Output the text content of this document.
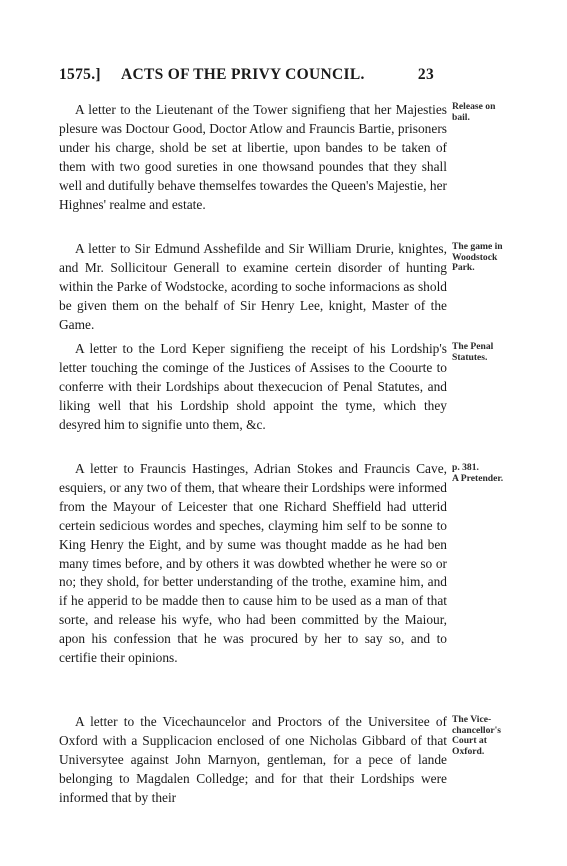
1575.] ACTS OF THE PRIVY COUNCIL.	23

A letter to the Lieutenant of the Tower signifieng that her Majesties plesure was Doctour Good, Doctor Atlow and Frauncis Bartie, prisoners under his charge, shold be set at libertie, upon bandes to be taken of them with two good sureties in one thowsand poundes that they shall well and dutifully behave themselfes towardes the Queen's Majestie, her Highnes' realme and estate.

A letter to Sir Edmund Asshefilde and Sir William Drurie, knightes, and Mr. Sollicitour Generall to examine certein disorder of hunting within the Parke of Wodstocke, acording to soche informacions as shold be given them on the behalf of Sir Henry Lee, knight, Master of the Game.

A letter to the Lord Keper signifieng the receipt of his Lordship's letter touching the cominge of the Justices of Assises to the Coourte to conferre with their Lordships about thexecucion of Penal Statutes, and liking well that his Lordship shold appoint the tyme, which they desyred him to signifie unto them, &c.

A letter to Frauncis Hastinges, Adrian Stokes and Frauncis Cave, esquiers, or any two of them, that wheare their Lordships were informed from the Mayour of Leicester that one Richard Sheffield had utterid certein sedicious wordes and speches, clayming him self to be sonne to King Henry the Eight, and by sume was thought madde as he had ben many times before, and by others it was dowbted whether he were so or no; they shold, for better understanding of the trothe, examine him, and if he apperid to be madde then to cause him to be used as a man of that sorte, and release his wyfe, who had been committed by the Maiour, apon his confession that he was procured by her to say so, and to certifie their opinions.

A letter to the Vicechauncelor and Proctors of the Universitee of Oxford with a Supplicacion enclosed of one Nicholas Gibbard of that Universytee against John Marnyon, gentleman, for a pece of lande belonging to Magdalen Colledge; and for that their Lordships were informed that by their

Release on
bail.
The game in
Woodstock
Park.
The Penal
Statutes.
p. 381.
A Pretender.
The Vice-
chancellor's
Court at
Oxford.
